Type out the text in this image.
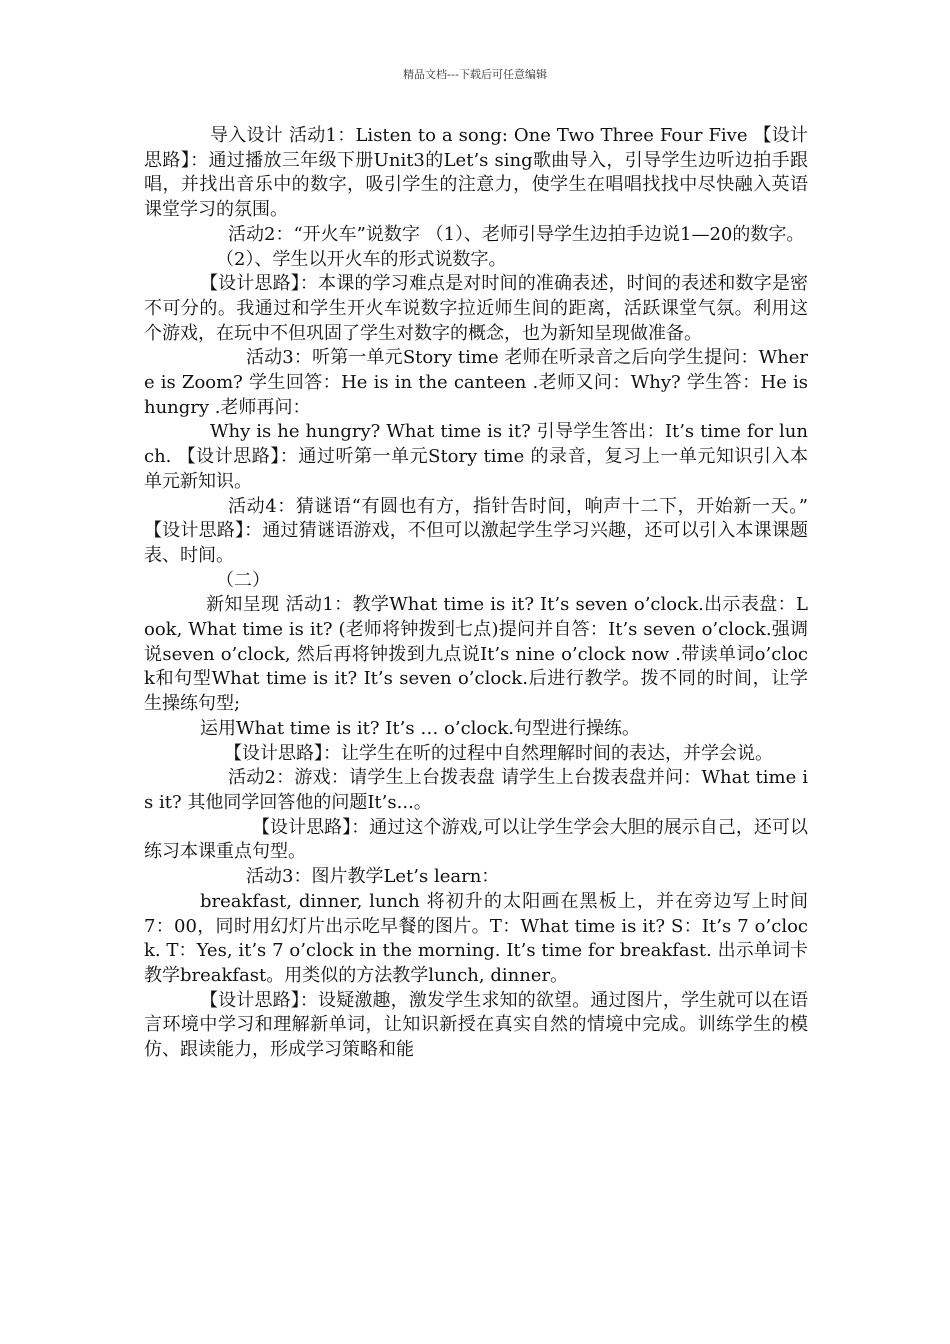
精品文档---下载后可任意编辑

导入设计 活动1：Listen to a song: One Two Three Four Five 【设计思路】：通过播放三年级下册Unit3的Let’s sing歌曲导入，引导学生边听边拍手跟唱，并找出音乐中的数字，吸引学生的注意力，使学生在唱唱找找中尽快融入英语课堂学习的氛围。

活动2：“开火车”说数字 （1）、老师引导学生边拍手边说1—20的数字。

（2）、学生以开火车的形式说数字。

【设计思路】：本课的学习难点是对时间的准确表述，时间的表述和数字是密不可分的。我通过和学生开火车说数字拉近师生间的距离，活跃课堂气氛。利用这个游戏，在玩中不但巩固了学生对数字的概念，也为新知呈现做准备。

活动3：听第一单元Story time 老师在听录音之后向学生提问：Where is Zoom? 学生回答：He is in the canteen .老师又问：Why? 学生答：He is hungry .老师再问：

Why is he hungry? What time is it? 引导学生答出：It’s time for lunch. 【设计思路】：通过听第一单元Story time 的录音，复习上一单元知识引入本单元新知识。

活动4：猜谜语“有圆也有方，指针告时间，响声十二下，开始新一天。” 【设计思路】：通过猜谜语游戏，不但可以激起学生学习兴趣，还可以引入本课课题表、时间。

（二）

新知呈现 活动1：教学What time is it? It’s seven o’clock.出示表盘：Look, What time is it? (老师将钟拨到七点)提问并自答：It’s seven o’clock.强调说seven o’clock, 然后再将钟拨到九点说It’s nine o’clock now .带读单词o’clock和句型What time is it? It’s seven o’clock.后进行教学。拨不同的时间，让学生操练句型;

运用What time is it? It’s … o’clock.句型进行操练。

【设计思路】：让学生在听的过程中自然理解时间的表达，并学会说。

活动2：游戏：请学生上台拨表盘 请学生上台拨表盘并问：What time is it? 其他同学回答他的问题It’s...。

【设计思路】：通过这个游戏,可以让学生学会大胆的展示自己，还可以练习本课重点句型。

活动3：图片教学Let’s learn：

breakfast, dinner, lunch 将初升的太阳画在黑板上，并在旁边写上时间7：00，同时用幻灯片出示吃早餐的图片。T：What time is it? S：It’s 7 o’clock. T：Yes, it’s 7 o’clock in the morning. It’s time for breakfast. 出示单词卡教学breakfast。用类似的方法教学lunch, dinner。

【设计思路】：设疑激趣，激发学生求知的欲望。通过图片，学生就可以在语言环境中学习和理解新单词，让知识新授在真实自然的情境中完成。训练学生的模仿、跟读能力，形成学习策略和能
